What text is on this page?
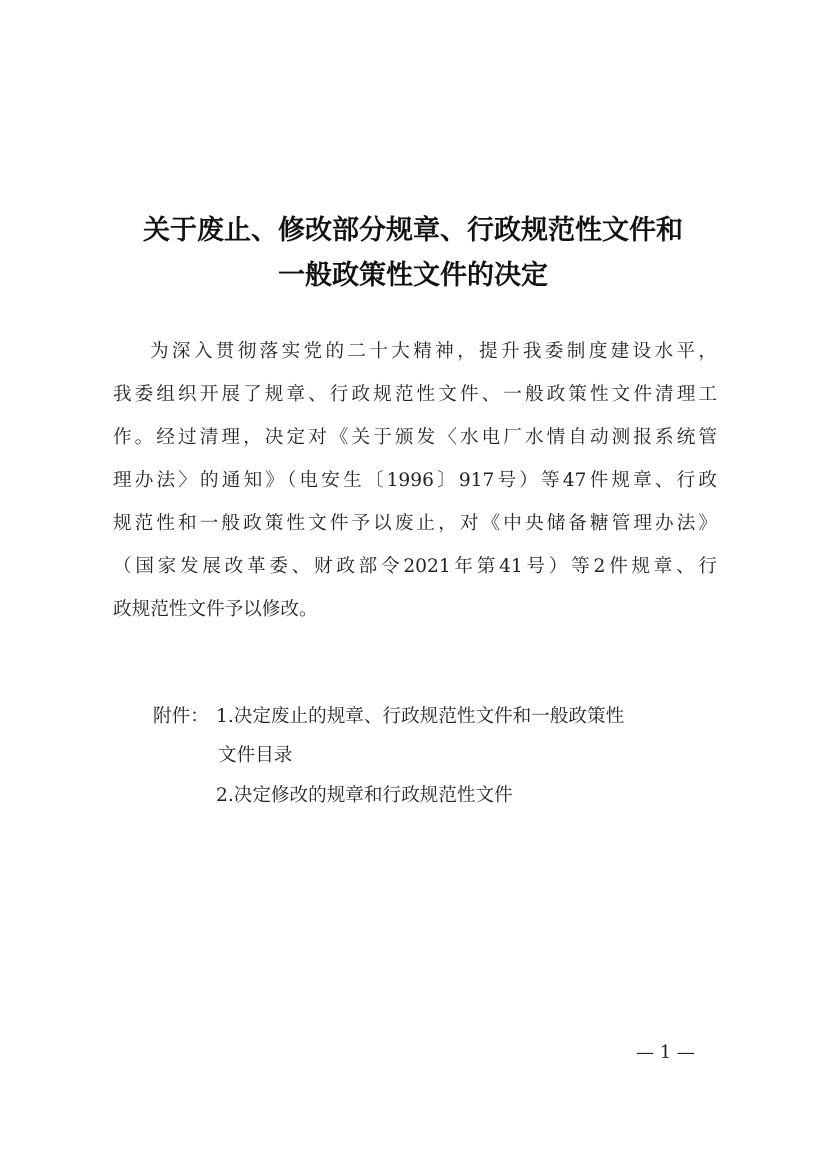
关于废止、修改部分规章、行政规范性文件和
一般政策性文件的决定
为深入贯彻落实党的二十大精神，提升我委制度建设水平，
我委组织开展了规章、行政规范性文件、一般政策性文件清理工
作。经过清理，决定对《关于颁发〈水电厂水情自动测报系统管
理办法〉的通知》（电安生〔1996〕917号）等47件规章、行政
规范性和一般政策性文件予以废止，对《中央储备糖管理办法》
（国家发展改革委、财政部令2021年第41号）等2件规章、行
政规范性文件予以修改。
附件： 1.决定废止的规章、行政规范性文件和一般政策性
文件目录
2.决定修改的规章和行政规范性文件
— 1 —
